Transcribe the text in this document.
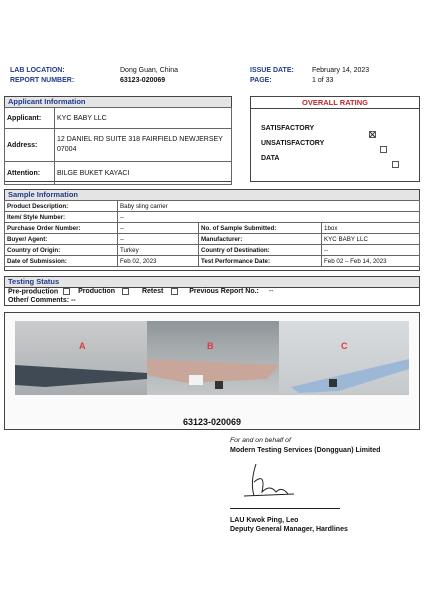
LAB LOCATION:	Dong Guan, China
REPORT NUMBER:	63123-020069
ISSUE DATE:	February 14, 2023
PAGE:	1 of 33
Applicant Information
Applicant:	KYC BABY LLC
Address:	12 DANIEL RD SUITE 318 FAIRFIELD NEWJERSEY 07004
Attention:	BILGE BUKET KAYACI
OVERALL RATING
SATISFACTORY

UNSATISFACTORY

DATA
Sample Information
Product Description:	Baby sling carrier		
Item/ Style Number:	--		
Purchase Order Number:	--	No. of Sample Submitted:	1box
Buyer/ Agent:	--	Manufacturer:	KYC BABY LLC
Country of Origin:	Turkey	Country of Destination:	--
Date of Submission:	Feb 02, 2023	Test Performance Date:	Feb 02 – Feb 14, 2023
Testing Status
Pre-production	Production	Retest	Previous Report No.: --
Other/ Comments: --
A	B	C
63123-020069
For and on behalf of
Modern Testing Services (Dongguan) Limited
LAU Kwok Ping, Leo
Deputy General Manager, Hardlines
